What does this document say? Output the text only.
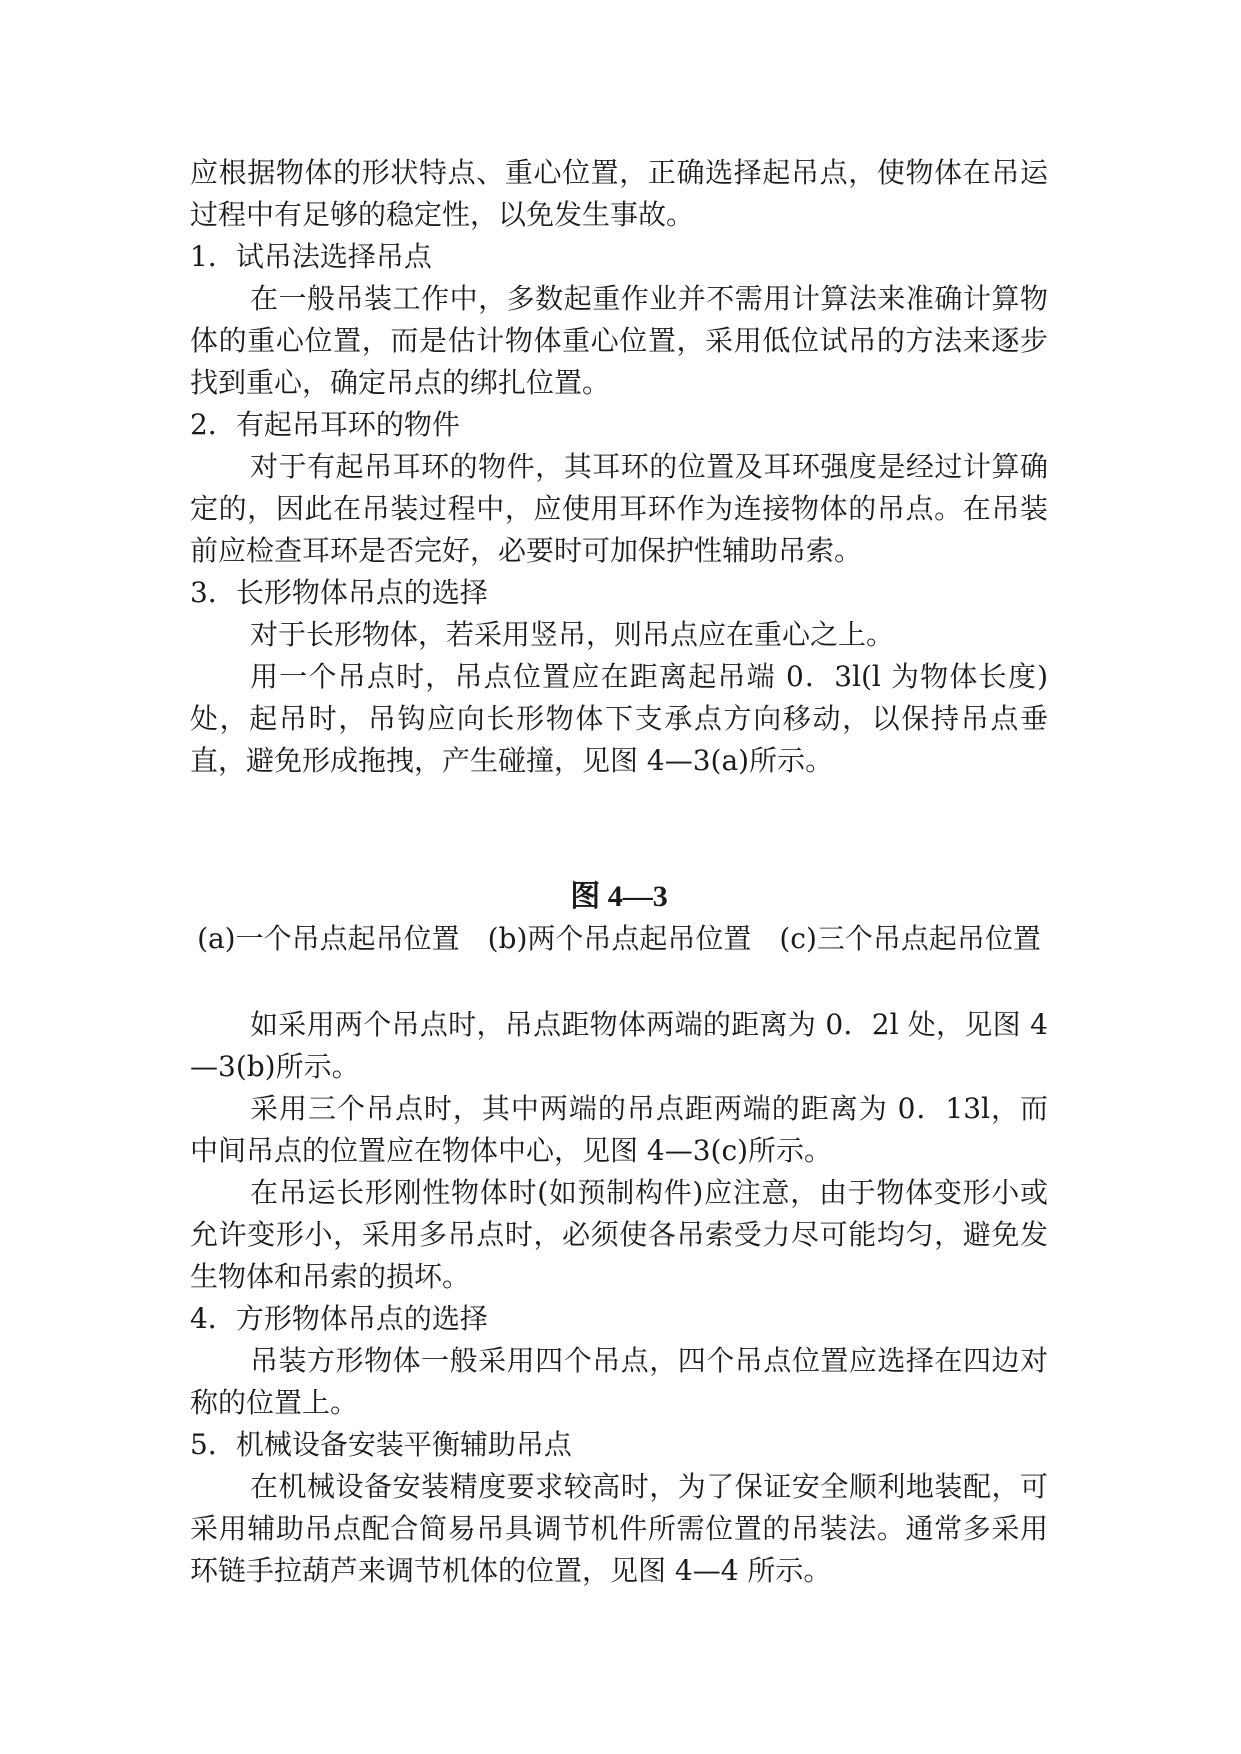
应根据物体的形状特点、重心位置，正确选择起吊点，使物体在吊运过程中有足够的稳定性，以免发生事故。

1．试吊法选择吊点

在一般吊装工作中，多数起重作业并不需用计算法来准确计算物体的重心位置，而是估计物体重心位置，采用低位试吊的方法来逐步找到重心，确定吊点的绑扎位置。

2．有起吊耳环的物件

对于有起吊耳环的物件，其耳环的位置及耳环强度是经过计算确定的，因此在吊装过程中，应使用耳环作为连接物体的吊点。在吊装前应检查耳环是否完好，必要时可加保护性辅助吊索。

3．长形物体吊点的选择

对于长形物体，若采用竖吊，则吊点应在重心之上。

用一个吊点时，吊点位置应在距离起吊端 0．3l(l 为物体长度)处，起吊时，吊钩应向长形物体下支承点方向移动，以保持吊点垂直，避免形成拖拽，产生碰撞，见图 4—3(a)所示。

图 4—3

(a)一个吊点起吊位置　(b)两个吊点起吊位置　(c)三个吊点起吊位置

如采用两个吊点时，吊点距物体两端的距离为 0．2l 处，见图 4—3(b)所示。

采用三个吊点时，其中两端的吊点距两端的距离为 0．13l，而中间吊点的位置应在物体中心，见图 4—3(c)所示。

在吊运长形刚性物体时(如预制构件)应注意，由于物体变形小或允许变形小，采用多吊点时，必须使各吊索受力尽可能均匀，避免发生物体和吊索的损坏。

4．方形物体吊点的选择

吊装方形物体一般采用四个吊点，四个吊点位置应选择在四边对称的位置上。

5．机械设备安装平衡辅助吊点

在机械设备安装精度要求较高时，为了保证安全顺利地装配，可采用辅助吊点配合简易吊具调节机件所需位置的吊装法。通常多采用环链手拉葫芦来调节机体的位置，见图 4—4 所示。
